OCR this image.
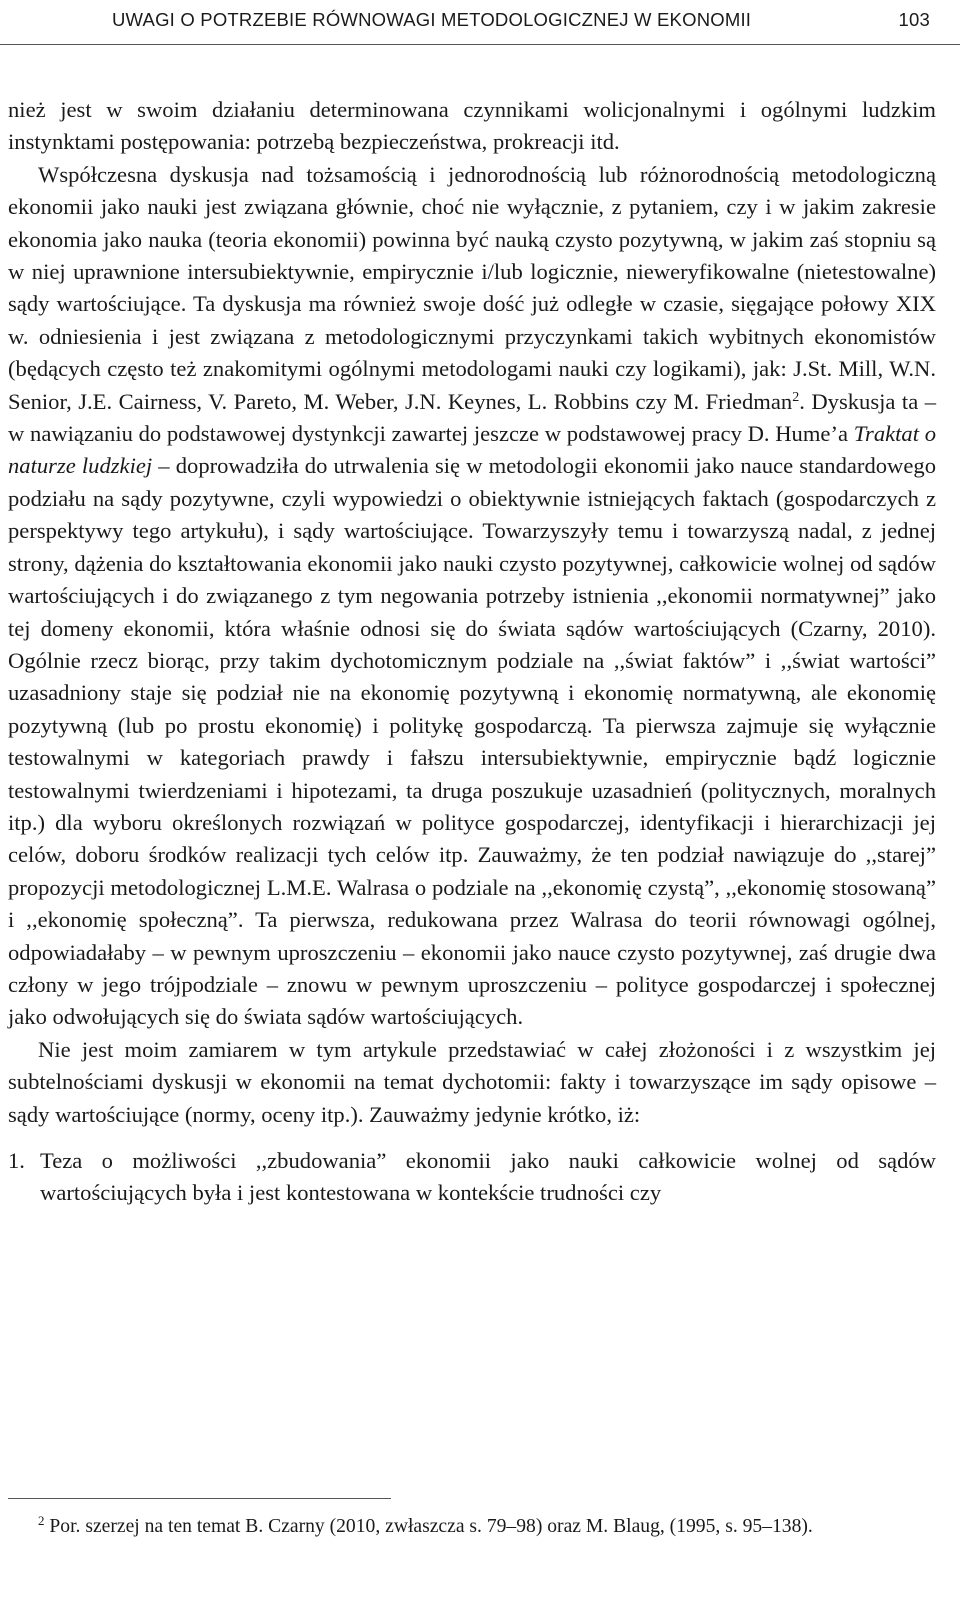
UWAGI O POTRZEBIE RÓWNOWAGI METODOLOGICZNEJ W EKONOMII	103

nież jest w swoim działaniu determinowana czynnikami wolicjonalnymi i ogólnymi ludzkim instynktami postępowania: potrzebą bezpieczeństwa, prokreacji itd.

Współczesna dyskusja nad tożsamością i jednorodnością lub różnorodnością metodologiczną ekonomii jako nauki jest związana głównie, choć nie wyłącznie, z pytaniem, czy i w jakim zakresie ekonomia jako nauka (teoria ekonomii) powinna być nauką czysto pozytywną, w jakim zaś stopniu są w niej uprawnione intersubiektywnie, empirycznie i/lub logicznie, nieweryfikowalne (nietestowalne) sądy wartościujące. Ta dyskusja ma również swoje dość już odległe w czasie, sięgające połowy XIX w. odniesienia i jest związana z metodologicznymi przyczynkami takich wybitnych ekonomistów (będących często też znakomitymi ogólnymi metodologami nauki czy logikami), jak: J.St. Mill, W.N. Senior, J.E. Cairness, V. Pareto, M. Weber, J.N. Keynes, L. Robbins czy M. Friedman$^2$. Dyskusja ta – w nawiązaniu do podstawowej dystynkcji zawartej jeszcze w podstawowej pracy D. Hume’a Traktat o naturze ludzkiej – doprowadziła do utrwalenia się w metodologii ekonomii jako nauce standardowego podziału na sądy pozytywne, czyli wypowiedzi o obiektywnie istniejących faktach (gospodarczych z perspektywy tego artykułu), i sądy wartościujące. Towarzyszyły temu i towarzyszą nadal, z jednej strony, dążenia do kształtowania ekonomii jako nauki czysto pozytywnej, całkowicie wolnej od sądów wartościujących i do związanego z tym negowania potrzeby istnienia ,,ekonomii normatywnej” jako tej domeny ekonomii, która właśnie odnosi się do świata sądów wartościujących (Czarny, 2010). Ogólnie rzecz biorąc, przy takim dychotomicznym podziale na ,,świat faktów” i ,,świat wartości” uzasadniony staje się podział nie na ekonomię pozytywną i ekonomię normatywną, ale ekonomię pozytywną (lub po prostu ekonomię) i politykę gospodarczą. Ta pierwsza zajmuje się wyłącznie testowalnymi w kategoriach prawdy i fałszu intersubiektywnie, empirycznie bądź logicznie testowalnymi twierdzeniami i hipotezami, ta druga poszukuje uzasadnień (politycznych, moralnych itp.) dla wyboru określonych rozwiązań w polityce gospodarczej, identyfikacji i hierarchizacji jej celów, doboru środków realizacji tych celów itp. Zauważmy, że ten podział nawiązuje do ,,starej” propozycji metodologicznej L.M.E. Walrasa o podziale na ,,ekonomię czystą”, ,,ekonomię stosowaną” i ,,ekonomię społeczną”. Ta pierwsza, redukowana przez Walrasa do teorii równowagi ogólnej, odpowiadałaby – w pewnym uproszczeniu – ekonomii jako nauce czysto pozytywnej, zaś drugie dwa człony w jego trójpodziale – znowu w pewnym uproszczeniu – polityce gospodarczej i społecznej jako odwołujących się do świata sądów wartościujących.

Nie jest moim zamiarem w tym artykule przedstawiać w całej złożoności i z wszystkim jej subtelnościami dyskusji w ekonomii na temat dychotomii: fakty i towarzyszące im sądy opisowe – sądy wartościujące (normy, oceny itp.). Zauważmy jedynie krótko, iż:

1. Teza o możliwości ,,zbudowania” ekonomii jako nauki całkowicie wolnej od sądów wartościujących była i jest kontestowana w kontekście trudności czy
$^2$ Por. szerzej na ten temat B. Czarny (2010, zwłaszcza s. 79–98) oraz M. Blaug, (1995, s. 95–138).
